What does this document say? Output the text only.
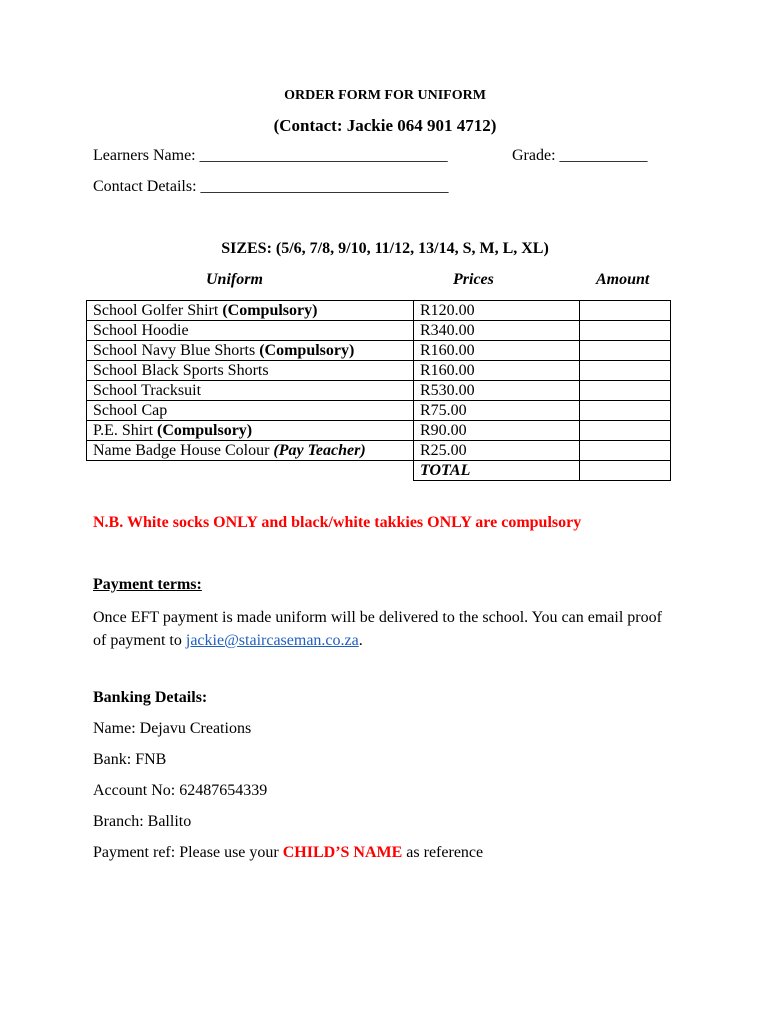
ORDER FORM FOR UNIFORM
(Contact: Jackie 064 901 4712)
Learners Name: _______________________________	Grade: ___________
Contact Details: _______________________________
SIZES: (5/6, 7/8, 9/10, 11/12, 13/14, S, M, L, XL)
Uniform	Prices	Amount
School Golfer Shirt (Compulsory)	R120.00	
School Hoodie	R340.00	
School Navy Blue Shorts (Compulsory)	R160.00	
School Black Sports Shorts	R160.00	
School Tracksuit	R530.00	
School Cap	R75.00	
P.E. Shirt (Compulsory)	R90.00	
Name Badge House Colour (Pay Teacher)	R25.00	
	TOTAL	
N.B. White socks ONLY and black/white takkies ONLY are compulsory
Payment terms:
Once EFT payment is made uniform will be delivered to the school. You can email proof of payment to jackie@staircaseman.co.za.
Banking Details:
Name: Dejavu Creations
Bank: FNB
Account No: 62487654339
Branch: Ballito
Payment ref: Please use your CHILD’S NAME as reference
